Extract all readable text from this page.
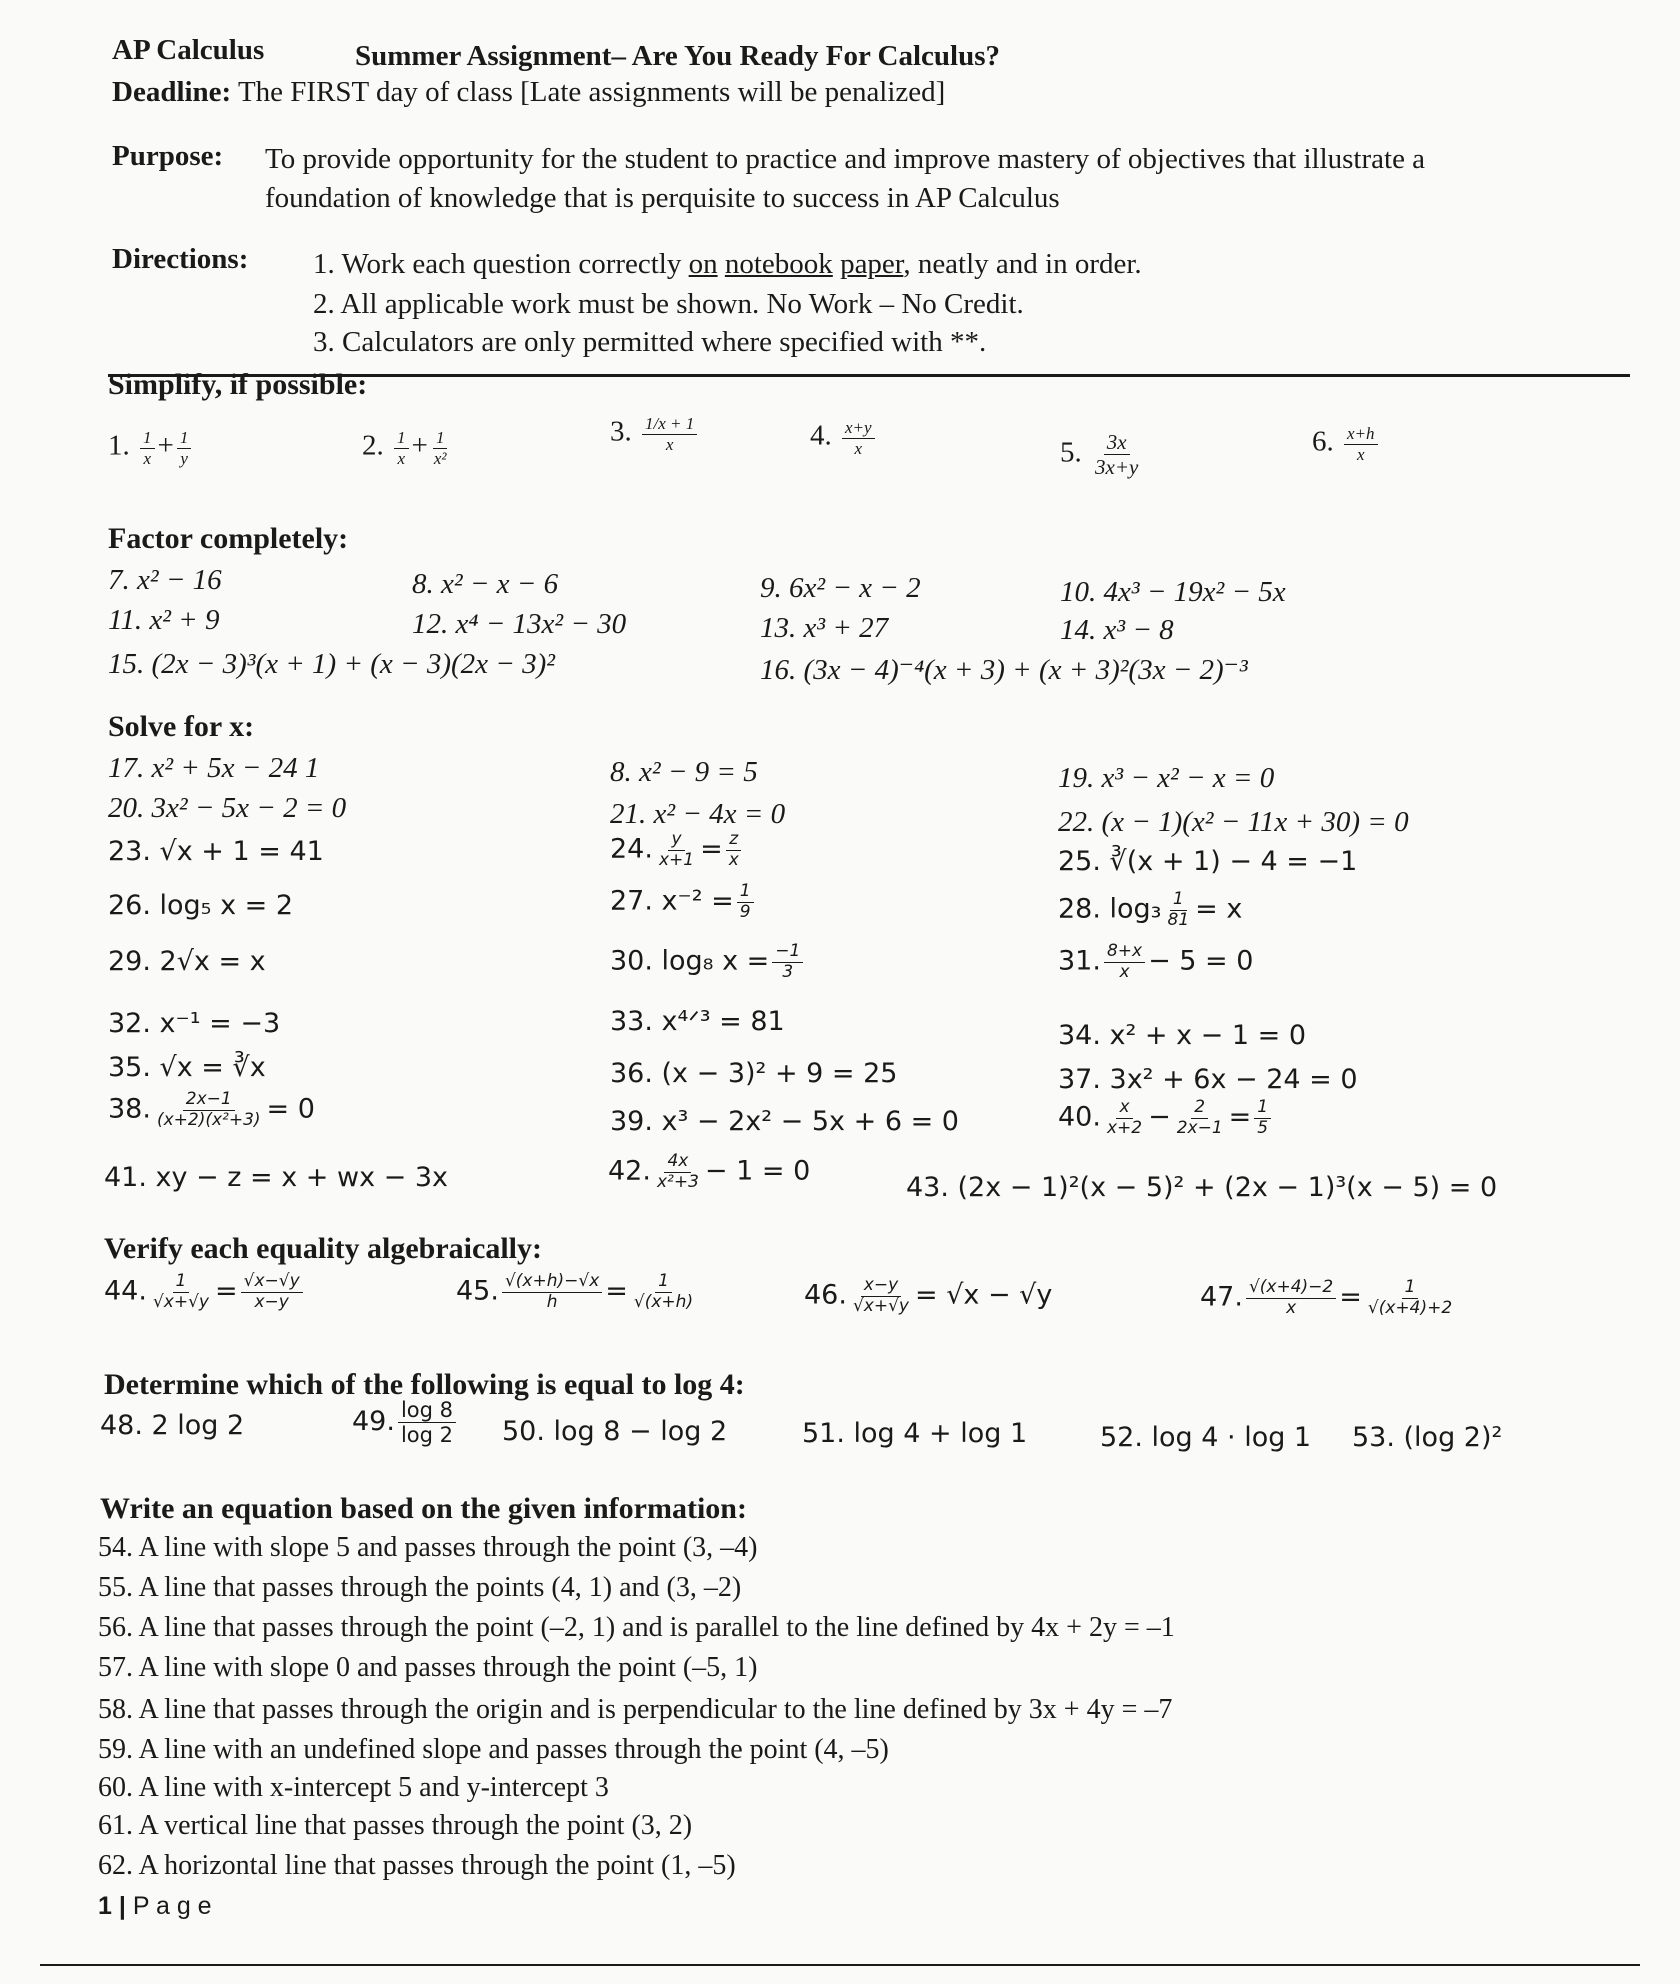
AP Calculus	Summer Assignment– Are You Ready For Calculus?
Deadline: The FIRST day of class [Late assignments will be penalized]
Purpose: To provide opportunity for the student to practice and improve mastery of objectives that illustrate a
foundation of knowledge that is perquisite to success in AP Calculus
Directions: 1. Work each question correctly on notebook paper, neatly and in order.
2. All applicable work must be shown. No Work – No Credit.
3. Calculators are only permitted where specified with **.
Simplify, if possible:
1. $\frac{1}{x} + \frac{1}{y}$	2. $\frac{1}{x} + \frac{1}{\text{x²}}$	3. $\frac{1/x + 1}{x}$	4. $\frac{x+y}{x}$	5. $\frac{3x}{3x+y}$	6. $\frac{x+h}{x}$
Factor completely:
7. x² − 16	8. x² − x − 6	9. 6x² − x − 2	10. 4x³ − 19x² − 5x
11. x² + 9	12. x⁴ − 13x² − 30	13. x³ + 27	14. x³ − 8
15. (2x − 3)³(x + 1) + (x − 3)(2x − 3)²	16. (3x − 4)⁻⁴(x + 3) + (x + 3)²(3x − 2)⁻³
Solve for x:
17. x² + 5x − 24 1	8. x² − 9 = 5	19. x³ − x² − x = 0
20. 3x² − 5x − 2 = 0	21. x² − 4x = 0	22. (x − 1)(x² − 11x + 30) = 0
23. √x + 1 = 41	24. $\frac{y}{x+1} = \frac{z}{x}$	25. ∛(x + 1) − 4 = −1
26. log₅ x = 2	27. $x^{-2} = \frac{1}{9}$	28. $\log_3 \frac{1}{81} = x$
29. 2√x = x	30. log₈ $x = \frac{-1}{3}$	31. $\frac{8+x}{x} - 5 = 0$
32. x⁻¹ = −3	33. x⁴ᐟ³ = 81	34. x² + x − 1 = 0
35. √x = ∛x	36. (x − 3)² + 9 = 25	37. 3x² + 6x − 24 = 0
38. $\frac{2x-1}{\text{(x+2)(x²+3)}} = 0$	39. x³ − 2x² − 5x + 6 = 0	40. $\frac{x}{x+2} - \frac{2}{2x-1} = \frac{1}{5}$
41. xy − z = x + wx − 3x	42. $\frac{4x}{\text{x²+3}} - 1 = 0$
43. (2x − 1)²(x − 5)² + (2x − 1)³(x − 5) = 0
Verify each equality algebraically:
44. $\frac{1}{√x+√y} = \frac{√x-√y}{x-y}$	45. $\frac{√(x+h)-√x}{h} = \frac{1}{√(x+h)}$	46. $\frac{x-y}{√x+√y} = √x - √y$	47. $\frac{√(x+4)-2}{x} = \frac{1}{√(x+4)+2}$
Determine which of the following is equal to log 4:
48. 2 log 2	49. $\frac{\log 8}{\log 2} 50$. log 8 − log 2	51. log 4 + log 1	52. log 4 · log 1 53. (log 2)²
Write an equation based on the given information:
54. A line with slope 5 and passes through the point (3, –4)
55. A line that passes through the points (4, 1) and (3, –2)
56. A line that passes through the point (–2, 1) and is parallel to the line defined by 4x + 2y = –1
57. A line with slope 0 and passes through the point (–5, 1)
58. A line that passes through the origin and is perpendicular to the line defined by 3x + 4y = –7
59. A line with an undefined slope and passes through the point (4, –5)
60. A line with x-intercept 5 and y-intercept 3
61. A vertical line that passes through the point (3, 2)
62. A horizontal line that passes through the point (1, –5)
1 | P a g e
